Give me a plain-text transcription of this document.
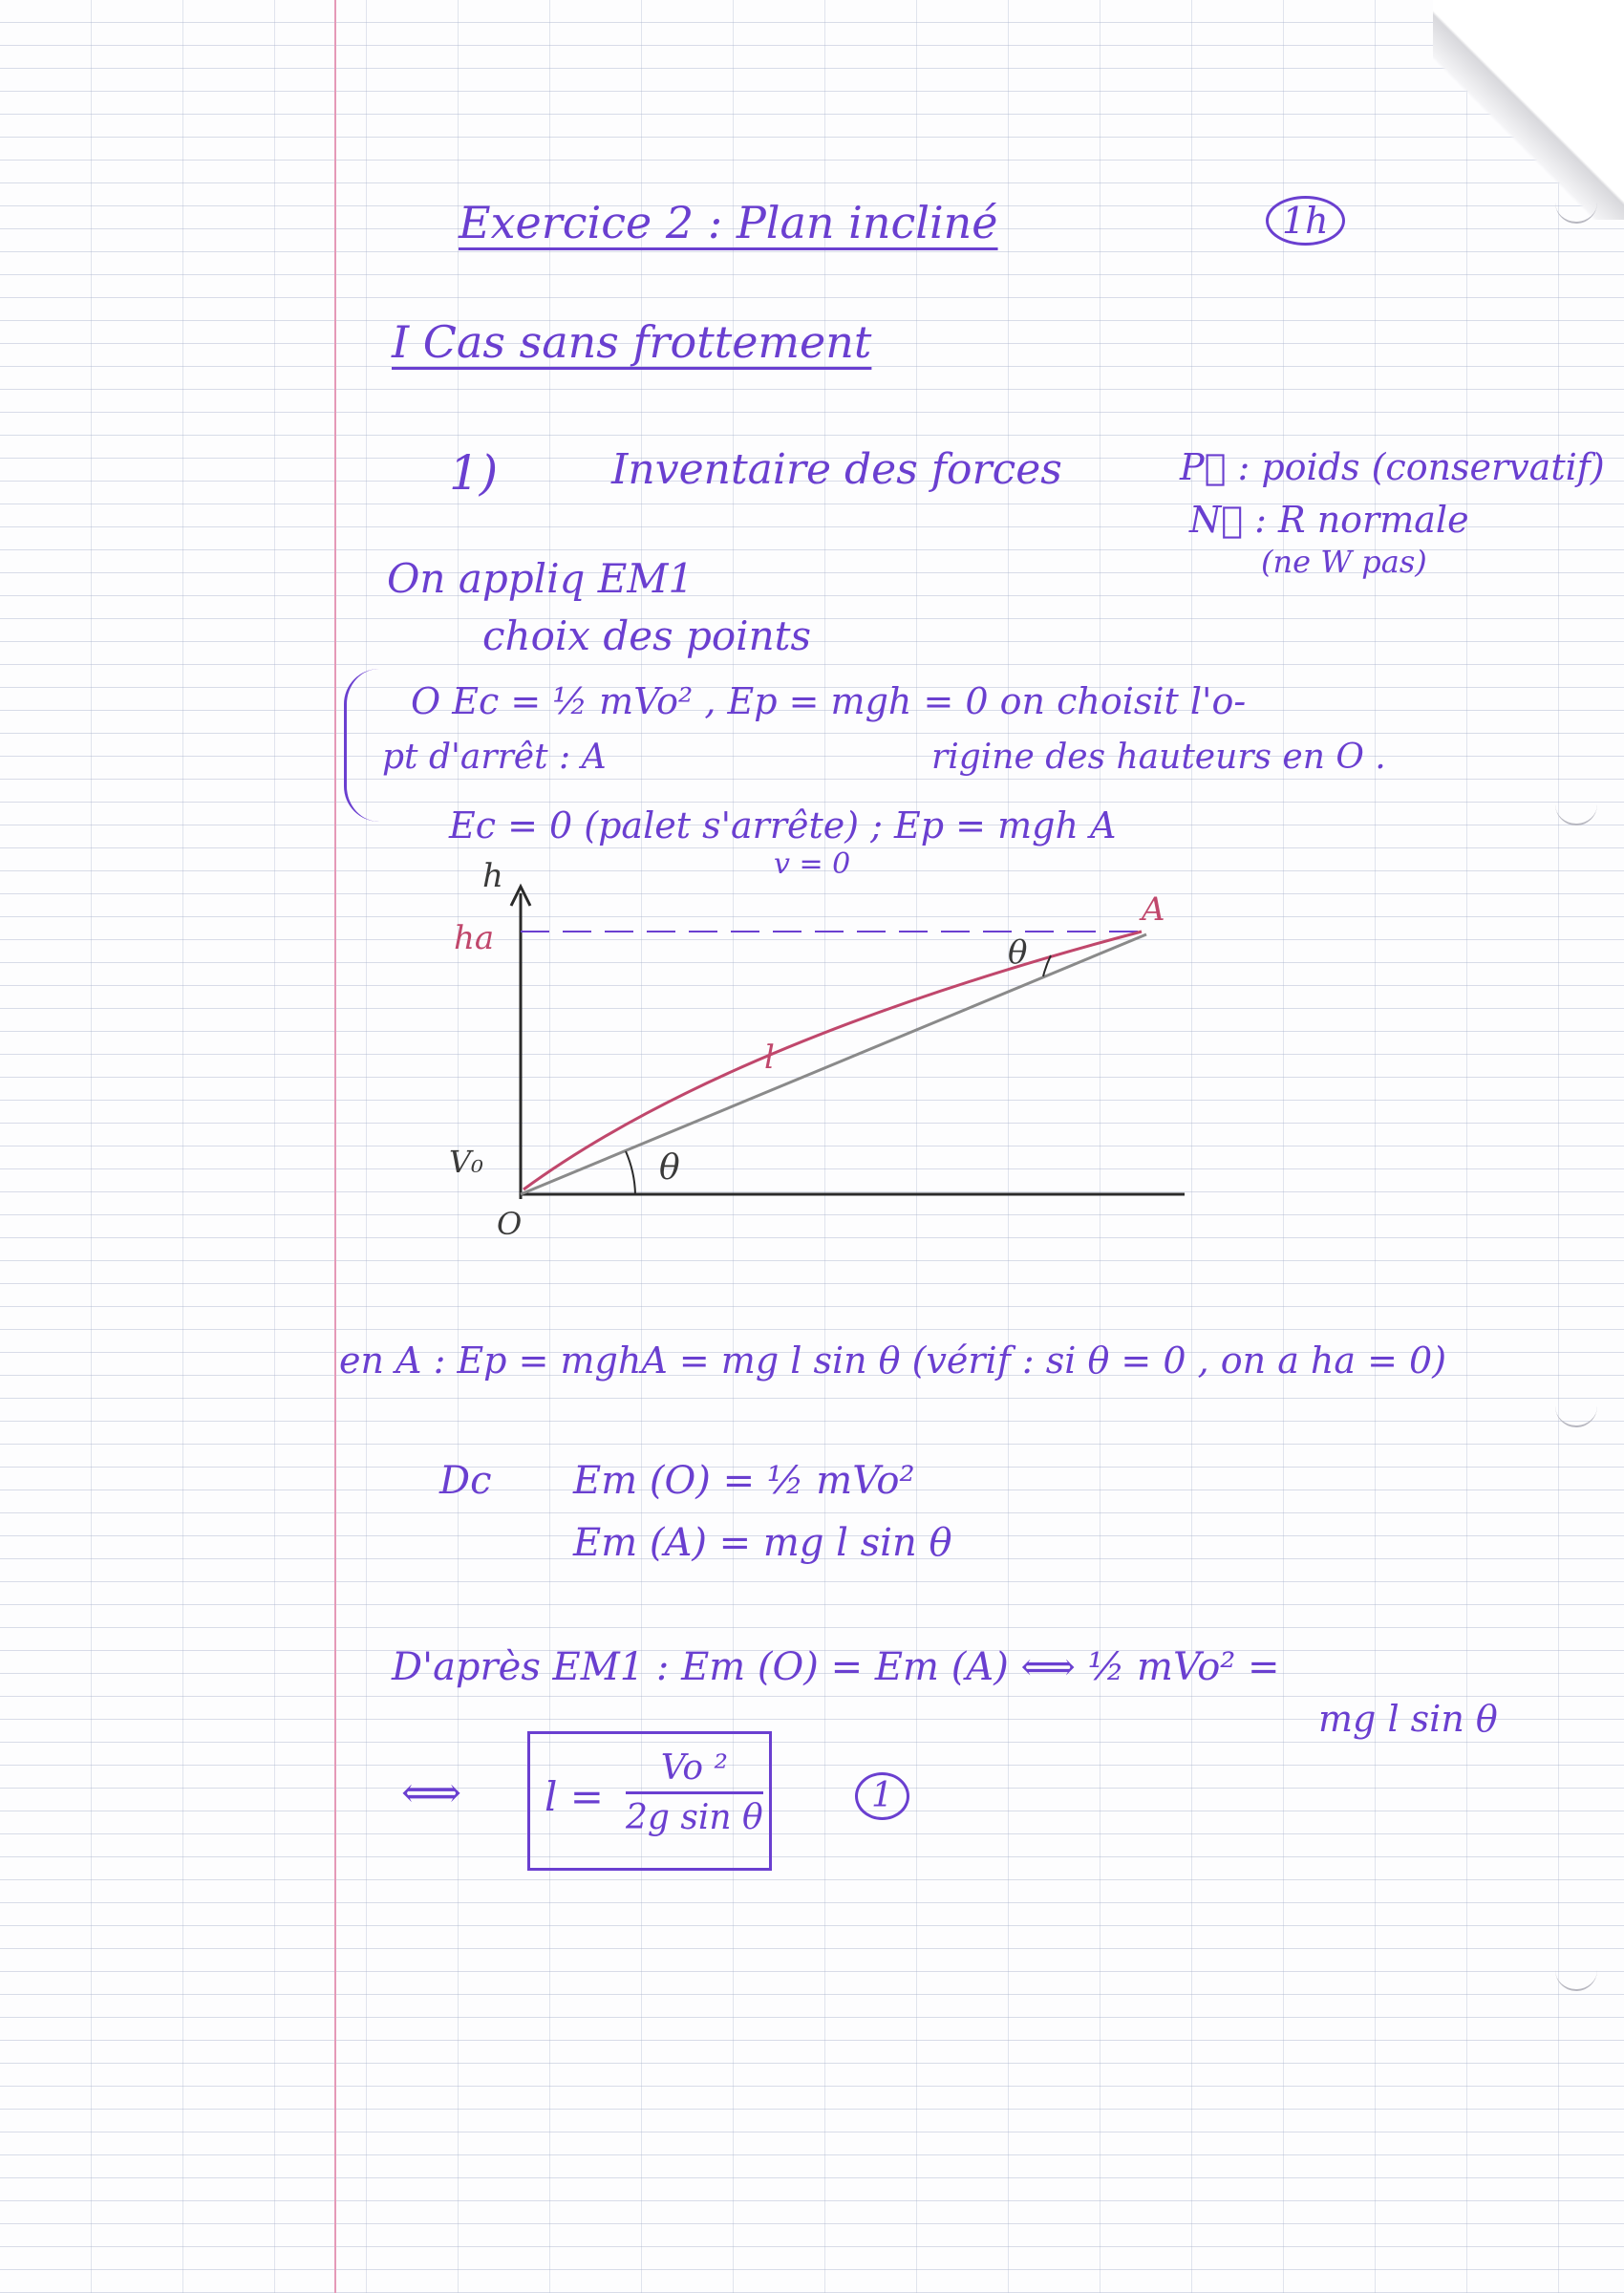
Exercice 2 : Plan incliné	1h
I Cas sans frottement
1)	Inventaire des forces	P⃗ : poids (conservatif)
N⃗ : R normale
(ne W pas)
On appliq EM1
choix des points
O Ec = ½ mVo² , Ep = mgh = 0 on choisit l'o-
pt d'arrêt : A	rigine des hauteurs en O .
Ec = 0 (palet s'arrête) ; Ep = mgh A
v = 0
h
ha
A
θ
l
θ
V₀
O
en A : Ep = mghA = mg l sin θ (vérif : si θ = 0 , on a ha = 0)
Dc Em (O) = ½ mVo²
Em (A) = mg l sin θ
D'après EM1 : Em (O) = Em (A) ⟺ ½ mVo² =
mg l sin θ
⟺ l =
Vo ²
2g sin θ
1
